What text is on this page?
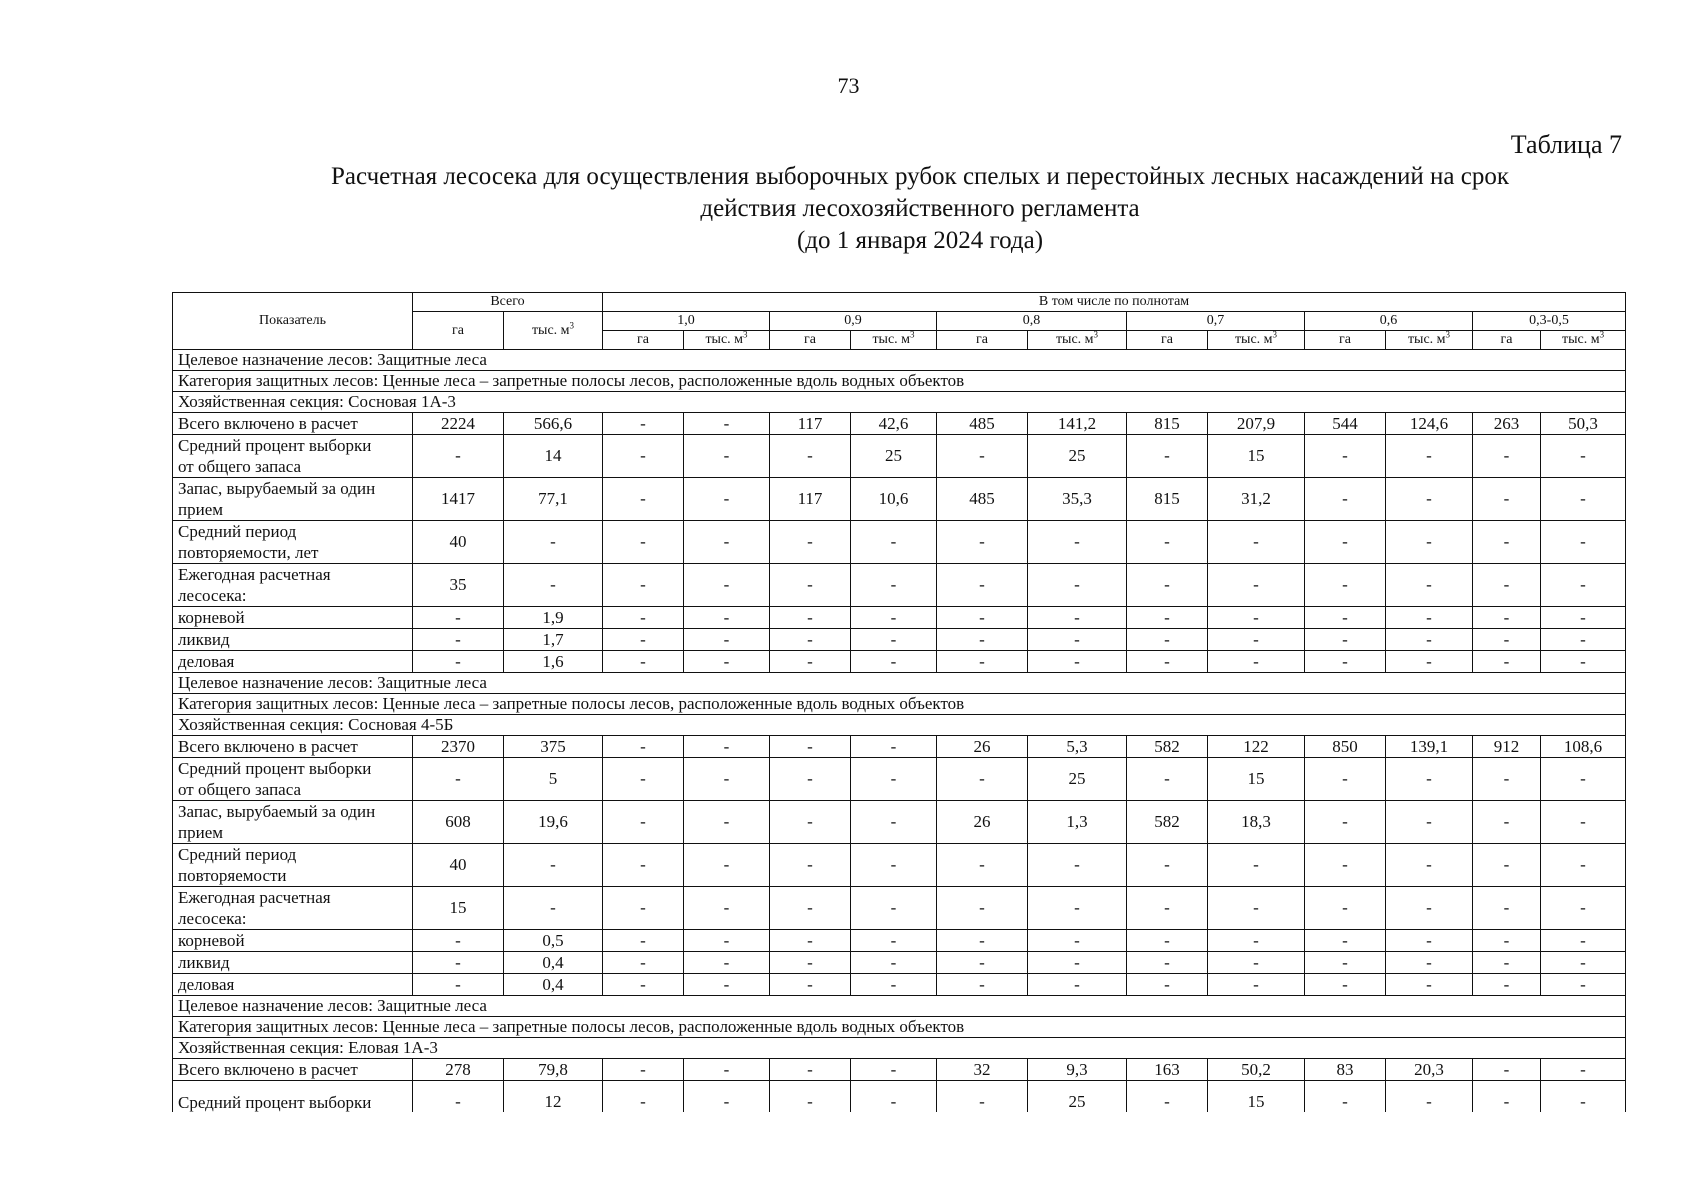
73
Таблица 7
Расчетная лесосека для осуществления выборочных рубок спелых и перестойных лесных насаждений на срок
действия лесохозяйственного регламента
(до 1 января 2024 года)
Показатель	Всего		В том числе по полнотам											
	га	тыс. $м^3$	1,0		0,9		0,8		0,7		0,6		0,3-0,5	
			га	тыс. $м^3$	га	тыс. $м^3$	га	тыс. $м^3$	га	тыс. $м^3$	га	тыс. $м^3$	га	тыс. $м^3$
Целевое назначение лесов: Защитные леса														
Категория защитных лесов: Ценные леса – запретные полосы лесов, расположенные вдоль водных объектов														
Хозяйственная секция: Сосновая 1А-3														
Всего включено в расчет	2224	566,6	-	-	117	42,6	485	141,2	815	207,9	544	124,6	263	50,3
Средний процент выборки
от общего запаса	-	14	-	-	-	25	-	25	-	15	-	-	-	-
Запас, вырубаемый за один
прием	1417	77,1	-	-	117	10,6	485	35,3	815	31,2	-	-	-	-
Средний период
повторяемости, лет	40	-	-	-	-	-	-	-	-	-	-	-	-	-
Ежегодная расчетная
лесосека:	35	-	-	-	-	-	-	-	-	-	-	-	-	-
корневой	-	1,9	-	-	-	-	-	-	-	-	-	-	-	-
ликвид	-	1,7	-	-	-	-	-	-	-	-	-	-	-	-
деловая	-	1,6	-	-	-	-	-	-	-	-	-	-	-	-
Целевое назначение лесов: Защитные леса														
Категория защитных лесов: Ценные леса – запретные полосы лесов, расположенные вдоль водных объектов														
Хозяйственная секция: Сосновая 4-5Б														
Всего включено в расчет	2370	375	-	-	-	-	26	5,3	582	122	850	139,1	912	108,6
Средний процент выборки
от общего запаса	-	5	-	-	-	-	-	25	-	15	-	-	-	-
Запас, вырубаемый за один
прием	608	19,6	-	-	-	-	26	1,3	582	18,3	-	-	-	-
Средний период
повторяемости	40	-	-	-	-	-	-	-	-	-	-	-	-	-
Ежегодная расчетная
лесосека:	15	-	-	-	-	-	-	-	-	-	-	-	-	-
корневой	-	0,5	-	-	-	-	-	-	-	-	-	-	-	-
ликвид	-	0,4	-	-	-	-	-	-	-	-	-	-	-	-
деловая	-	0,4	-	-	-	-	-	-	-	-	-	-	-	-
Целевое назначение лесов: Защитные леса														
Категория защитных лесов: Ценные леса – запретные полосы лесов, расположенные вдоль водных объектов														
Хозяйственная секция: Еловая 1А-3														
Всего включено в расчет	278	79,8	-	-	-	-	32	9,3	163	50,2	83	20,3	-	-
Средний процент выборки	-	12	-	-	-	-	-	25	-	15	-	-	-	-
